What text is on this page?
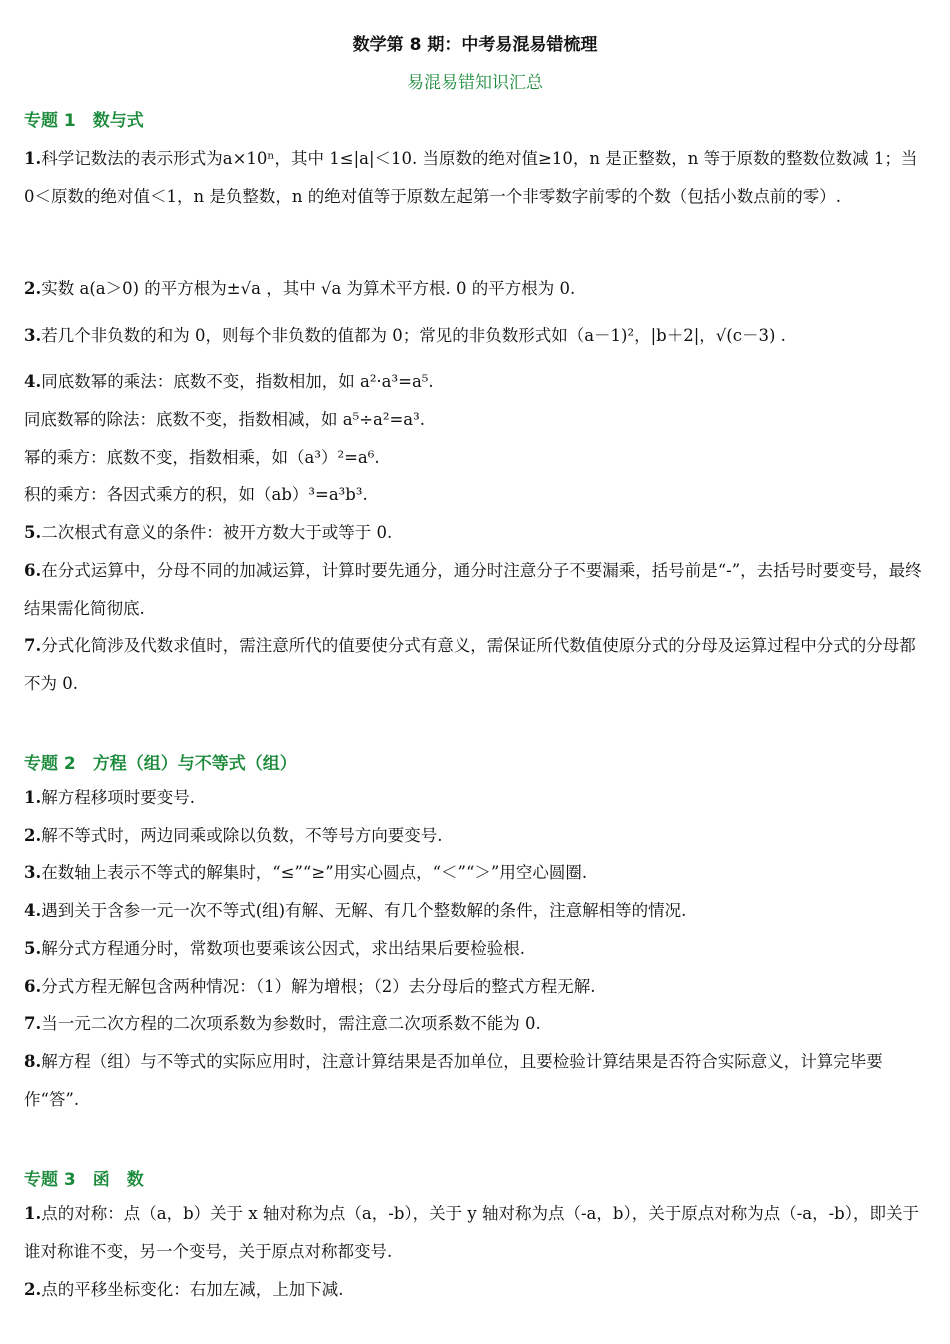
数学第 8 期：中考易混易错梳理
易混易错知识汇总
专题 1　数与式
1.科学记数法的表示形式为a×10ⁿ，其中 1≤|a|＜10. 当原数的绝对值≥10，n 是正整数，n 等于原数的整数位数减 1；当 0＜原数的绝对值＜1，n 是负整数，n 的绝对值等于原数左起第一个非零数字前零的个数（包括小数点前的零）.
2.实数 a(a＞0) 的平方根为±√a ，其中 √a 为算术平方根. 0 的平方根为 0.
3.若几个非负数的和为 0，则每个非负数的值都为 0；常见的非负数形式如（a－1)²，|b＋2|，√(c－3) .
4.同底数幂的乘法：底数不变，指数相加，如 a²·a³=a⁵.
同底数幂的除法：底数不变，指数相减，如 a⁵÷a²=a³.
幂的乘方：底数不变，指数相乘，如（a³）²=a⁶.
积的乘方：各因式乘方的积，如（ab）³=a³b³.
5.二次根式有意义的条件：被开方数大于或等于 0.
6.在分式运算中，分母不同的加减运算，计算时要先通分，通分时注意分子不要漏乘，括号前是“-”，去括号时要变号，最终结果需化简彻底.
7.分式化简涉及代数求值时，需注意所代的值要使分式有意义，需保证所代数值使原分式的分母及运算过程中分式的分母都不为 0.
专题 2　方程（组）与不等式（组）
1.解方程移项时要变号.
2.解不等式时，两边同乘或除以负数，不等号方向要变号.
3.在数轴上表示不等式的解集时，“≤”“≥”用实心圆点，“＜”“＞”用空心圆圈.
4.遇到关于含参一元一次不等式(组)有解、无解、有几个整数解的条件，注意解相等的情况.
5.解分式方程通分时，常数项也要乘该公因式，求出结果后要检验根.
6.分式方程无解包含两种情况：（1）解为增根；（2）去分母后的整式方程无解.
7.当一元二次方程的二次项系数为参数时，需注意二次项系数不能为 0.
8.解方程（组）与不等式的实际应用时，注意计算结果是否加单位，且要检验计算结果是否符合实际意义，计算完毕要作“答”.
专题 3　函　数
1.点的对称：点（a，b）关于 x 轴对称为点（a，-b），关于 y 轴对称为点（-a，b），关于原点对称为点（-a，-b），即关于谁对称谁不变，另一个变号，关于原点对称都变号.
2.点的平移坐标变化：右加左减，上加下减.
